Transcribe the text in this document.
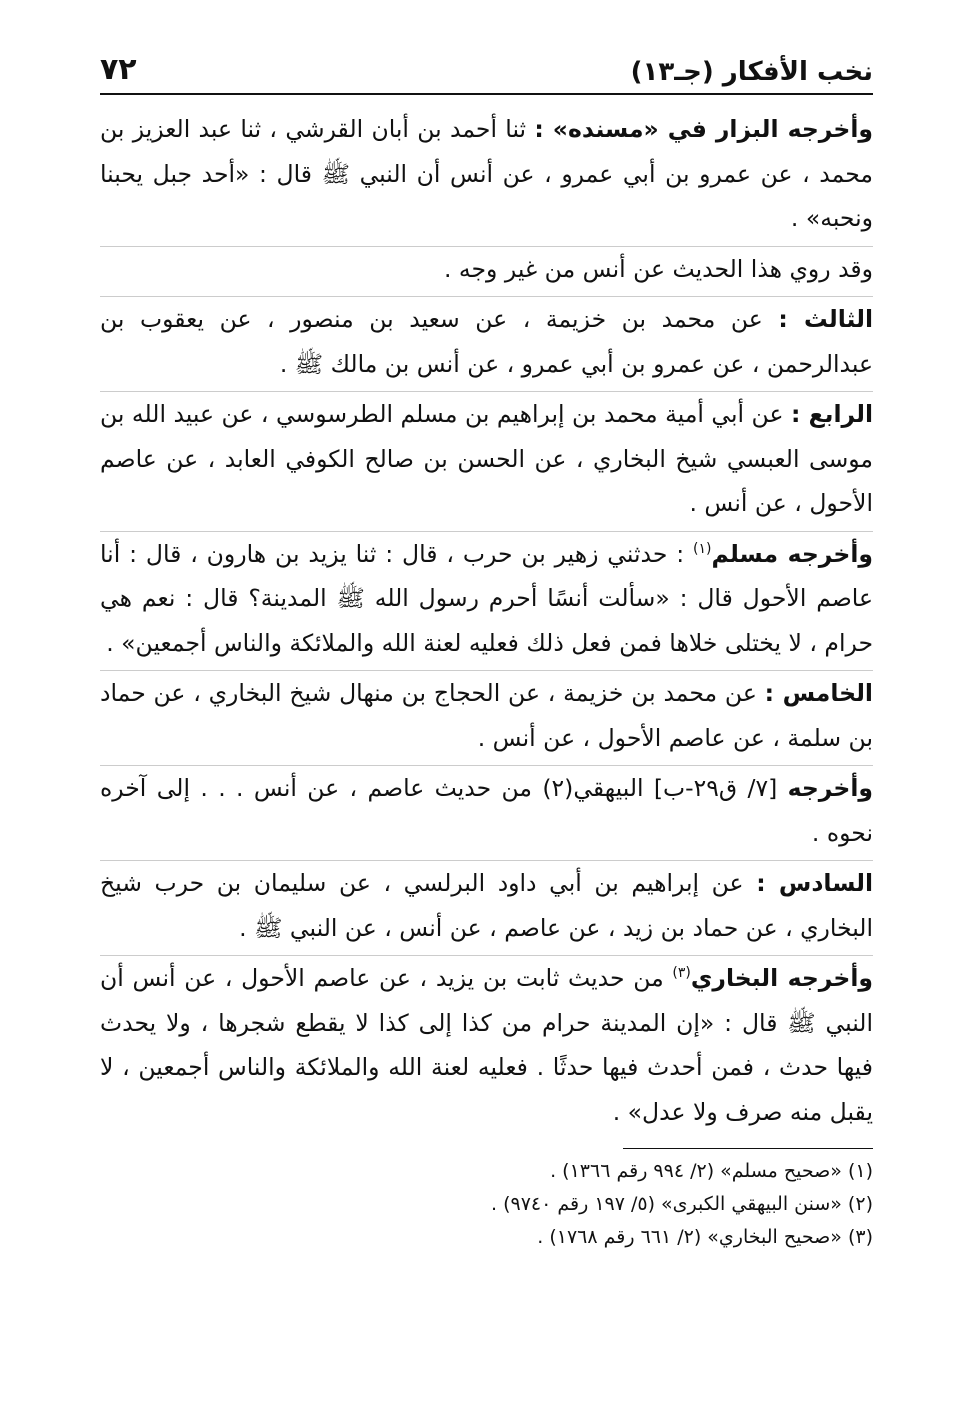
نخب الأفكار (جـ١٣)
٧٢

وأخرجه البزار في «مسنده» : ثنا أحمد بن أبان القرشي ، ثنا عبد العزيز بن محمد ، عن عمرو بن أبي عمرو ، عن أنس أن النبي ﷺ قال : «أحد جبل يحبنا ونحبه» .

وقد روي هذا الحديث عن أنس من غير وجه .

الثالث : عن محمد بن خزيمة ، عن سعيد بن منصور ، عن يعقوب بن عبدالرحمن ، عن عمرو بن أبي عمرو ، عن أنس بن مالك ﷺ .

الرابع : عن أبي أمية محمد بن إبراهيم بن مسلم الطرسوسي ، عن عبيد الله بن موسى العبسي شيخ البخاري ، عن الحسن بن صالح الكوفي العابد ، عن عاصم الأحول ، عن أنس .

وأخرجه مسلم$^{(١)}$ : حدثني زهير بن حرب ، قال : ثنا يزيد بن هارون ، قال : أنا عاصم الأحول قال : «سألت أنسًا أحرم رسول الله ﷺ المدينة؟ قال : نعم هي حرام ، لا يختلى خلاها فمن فعل ذلك فعليه لعنة الله والملائكة والناس أجمعين» .

الخامس : عن محمد بن خزيمة ، عن الحجاج بن منهال شيخ البخاري ، عن حماد بن سلمة ، عن عاصم الأحول ، عن أنس .

وأخرجه [٧/ ق٢٩-ب] البيهقي(٢) من حديث عاصم ، عن أنس . . . إلى آخره نحوه .

السادس : عن إبراهيم بن أبي داود البرلسي ، عن سليمان بن حرب شيخ البخاري ، عن حماد بن زيد ، عن عاصم ، عن أنس ، عن النبي ﷺ .

وأخرجه البخاري$^{(٣)}$ من حديث ثابت بن يزيد ، عن عاصم الأحول ، عن أنس أن النبي ﷺ قال : «إن المدينة حرام من كذا إلى كذا لا يقطع شجرها ، ولا يحدث فيها حدث ، فمن أحدث فيها حدثًا . فعليه لعنة الله والملائكة والناس أجمعين ، لا يقبل منه صرف ولا عدل» .

(١) «صحيح مسلم» (٢/ ٩٩٤ رقم ١٣٦٦) .
(٢) «سنن البيهقي الكبرى» (٥/ ١٩٧ رقم ٩٧٤٠) .
(٣) «صحيح البخاري» (٢/ ٦٦١ رقم ١٧٦٨) .
